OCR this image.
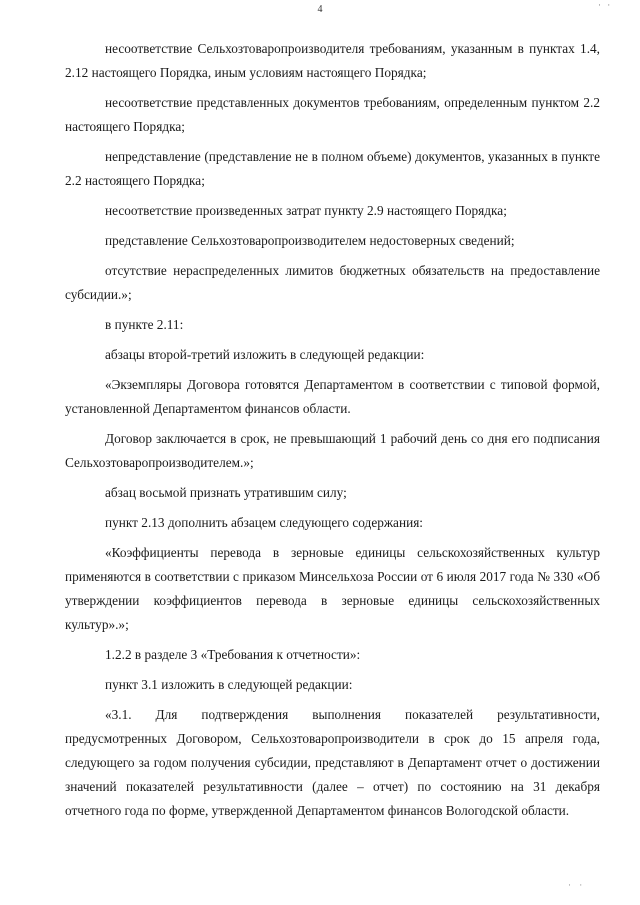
· ·
4

несоответствие Сельхозтоваропроизводителя требованиям, указанным в пунктах 1.4, 2.12 настоящего Порядка, иным условиям настоящего Порядка;

несоответствие представленных документов требованиям, определенным пунктом 2.2 настоящего Порядка;

непредставление (представление не в полном объеме) документов, указанных в пункте 2.2 настоящего Порядка;

несоответствие произведенных затрат пункту 2.9 настоящего Порядка;

представление Сельхозтоваропроизводителем недостоверных сведений;

отсутствие нераспределенных лимитов бюджетных обязательств на предоставление субсидии.»;

в пункте 2.11:

абзацы второй-третий изложить в следующей редакции:

«Экземпляры Договора готовятся Департаментом в соответствии с типовой формой, установленной Департаментом финансов области.

Договор заключается в срок, не превышающий 1 рабочий день со дня его подписания Сельхозтоваропроизводителем.»;

абзац восьмой признать утратившим силу;

пункт 2.13 дополнить абзацем следующего содержания:

«Коэффициенты перевода в зерновые единицы сельскохозяйственных культур применяются в соответствии с приказом Минсельхоза России от 6 июля 2017 года № 330 «Об утверждении коэффициентов перевода в зерновые единицы сельскохозяйственных культур».»;

1.2.2 в разделе 3 «Требования к отчетности»:

пункт 3.1 изложить в следующей редакции:

«3.1. Для подтверждения выполнения показателей результативности, предусмотренных Договором, Сельхозтоваропроизводители в срок до 15 апреля года, следующего за годом получения субсидии, представляют в Департамент отчет о достижении значений показателей результативности (далее – отчет) по состоянию на 31 декабря отчетного года по форме, утвержденной Департаментом финансов Вологодской области.

· ·
